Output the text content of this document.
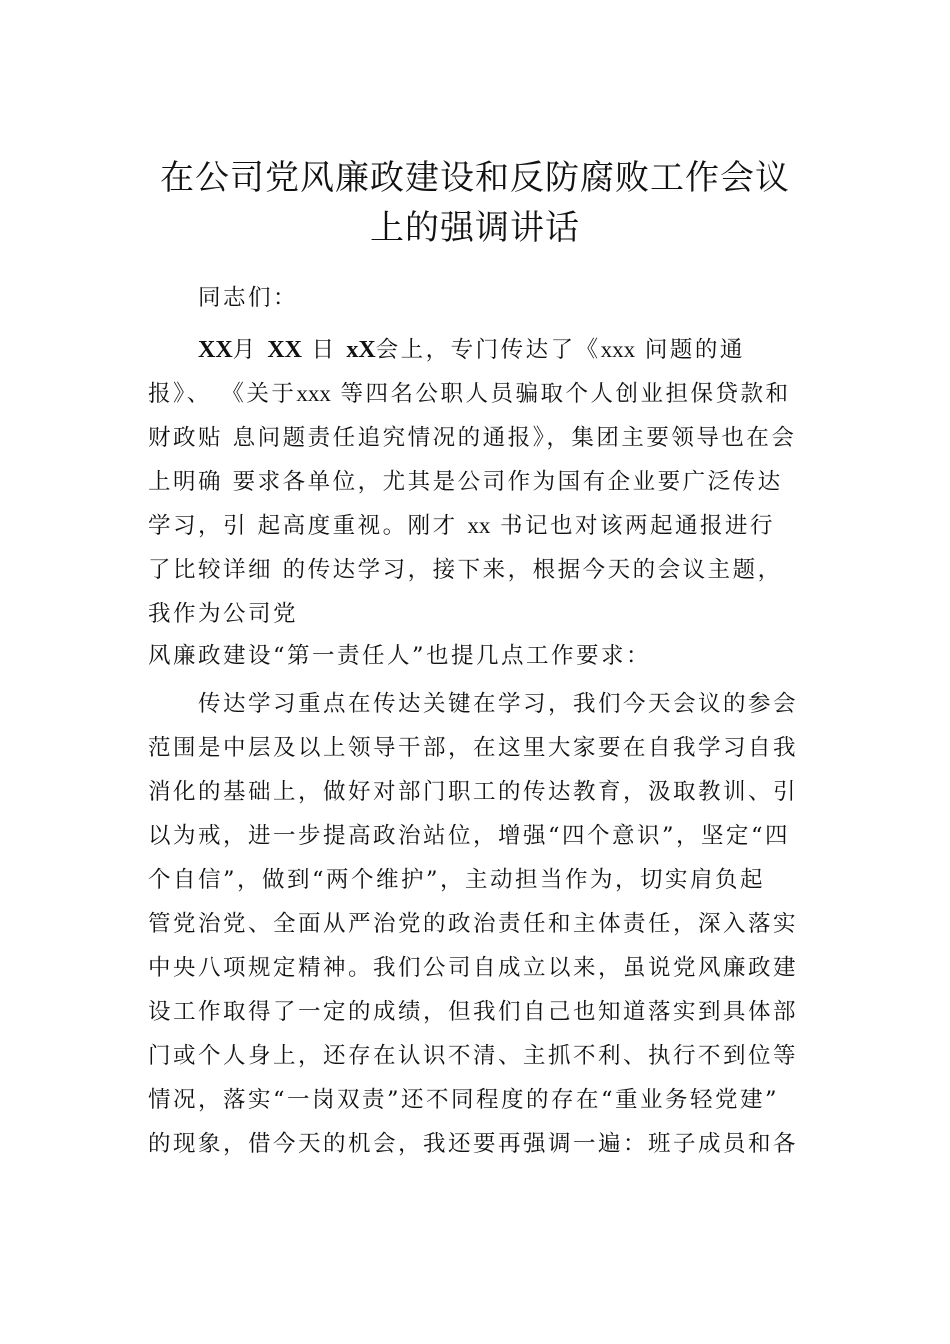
在公司党风廉政建设和反防腐败工作会议
上的强调讲话
同志们：
XX月 XX 日 xX会上，专门传达了《xxx 问题的通
报》、 《关于xxx 等四名公职人员骗取个人创业担保贷款和
财政贴 息问题责任追究情况的通报》，集团主要领导也在会
上明确 要求各单位，尤其是公司作为国有企业要广泛传达
学习，引 起高度重视。刚才 xx 书记也对该两起通报进行
了比较详细 的传达学习，接下来，根据今天的会议主题，
我作为公司党
风廉政建设“第一责任人”也提几点工作要求：
传达学习重点在传达关键在学习，我们今天会议的参会
范围是中层及以上领导干部，在这里大家要在自我学习自我
消化的基础上，做好对部门职工的传达教育，汲取教训、引
以为戒，进一步提高政治站位，增强“四个意识”，坚定“四
个自信”，做到“两个维护”，主动担当作为，切实肩负起
管党治党、全面从严治党的政治责任和主体责任，深入落实
中央八项规定精神。我们公司自成立以来，虽说党风廉政建
设工作取得了一定的成绩，但我们自己也知道落实到具体部
门或个人身上，还存在认识不清、主抓不利、执行不到位等
情况，落实“一岗双责”还不同程度的存在“重业务轻党建”
的现象，借今天的机会，我还要再强调一遍：班子成员和各
